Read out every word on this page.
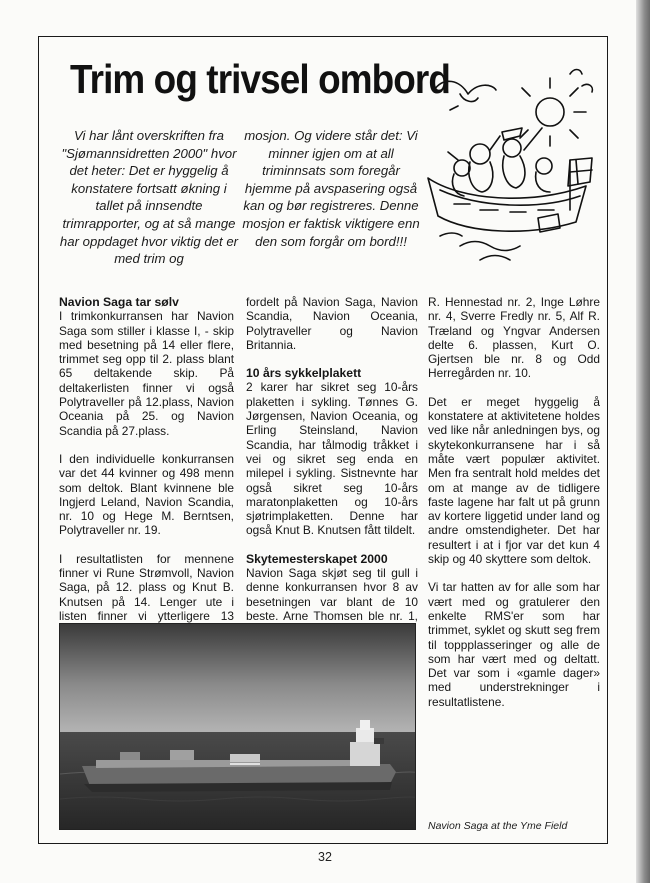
Trim og trivsel ombord

Vi har lånt overskriften fra "Sjømannsidretten 2000" hvor det heter: Det er hyggelig å konstatere fortsatt økning i tallet på innsendte trimrapporter, og at så mange har oppdaget hvor viktig det er med trim og

mosjon. Og videre står det: Vi minner igjen om at all triminnsats som foregår hjemme på avspasering også kan og bør registreres. Denne mosjon er faktisk viktigere enn den som forgår om bord!!!

Navion Saga tar sølv

I trimkonkurransen har Navion Saga som stiller i klasse I, - skip med besetning på 14 eller flere, trimmet seg opp til 2. plass blant 65 deltakende skip. På deltakerlisten finner vi også Polytraveller på 12.plass, Navion Oceania på 25. og Navion Scandia på 27.plass.

I den individuelle konkurransen var det 44 kvinner og 498 menn som deltok. Blant kvinnene ble Ingjerd Leland, Navion Scandia, nr. 10 og Hege M. Berntsen, Polytraveller nr. 19.

I resultatlisten for mennene finner vi Rune Strømvoll, Navion Saga, på 12. plass og Knut B. Knutsen på 14. Lenger ute i listen finner vi ytterligere 13

fordelt på Navion Saga, Navion Scandia, Navion Oceania, Polytraveller og Navion Britannia.

10 års sykkelplakett

2 karer har sikret seg 10-års plaketten i sykling. Tønnes G. Jørgensen, Navion Oceania, og Erling Steinsland, Navion Scandia, har tålmodig tråkket i vei og sikret seg enda en milepel i sykling. Sistnevnte har også sikret seg 10-års maratonplaketten og 10-års sjøtrimplaketten. Denne har også Knut B. Knutsen fått tildelt.

Skytemesterskapet 2000

Navion Saga skjøt seg til gull i denne konkurransen hvor 8 av besetningen var blant de 10 beste. Arne Thomsen ble nr. 1,

R. Hennestad nr. 2, Inge Løhre nr. 4, Sverre Fredly nr. 5, Alf R. Træland og Yngvar Andersen delte 6. plassen, Kurt O. Gjertsen ble nr. 8 og Odd Herregården nr. 10.

Det er meget hyggelig å konstatere at aktivitetene holdes ved like når anledningen bys, og skytekonkurransene har i så måte vært populær aktivitet. Men fra sentralt hold meldes det om at mange av de tidligere faste lagene har falt ut på grunn av kortere liggetid under land og andre omstendigheter. Det har resultert i at i fjor var det kun 4 skip og 40 skyttere som deltok.

Vi tar hatten av for alle som har vært med og gratulerer den enkelte RMS'er som har trimmet, syklet og skutt seg frem til toppplasseringer og alle de som har vært med og deltatt. Det var som i «gamle dager» med understrekninger i resultatlistene.

Navion Saga at the Yme Field

32
